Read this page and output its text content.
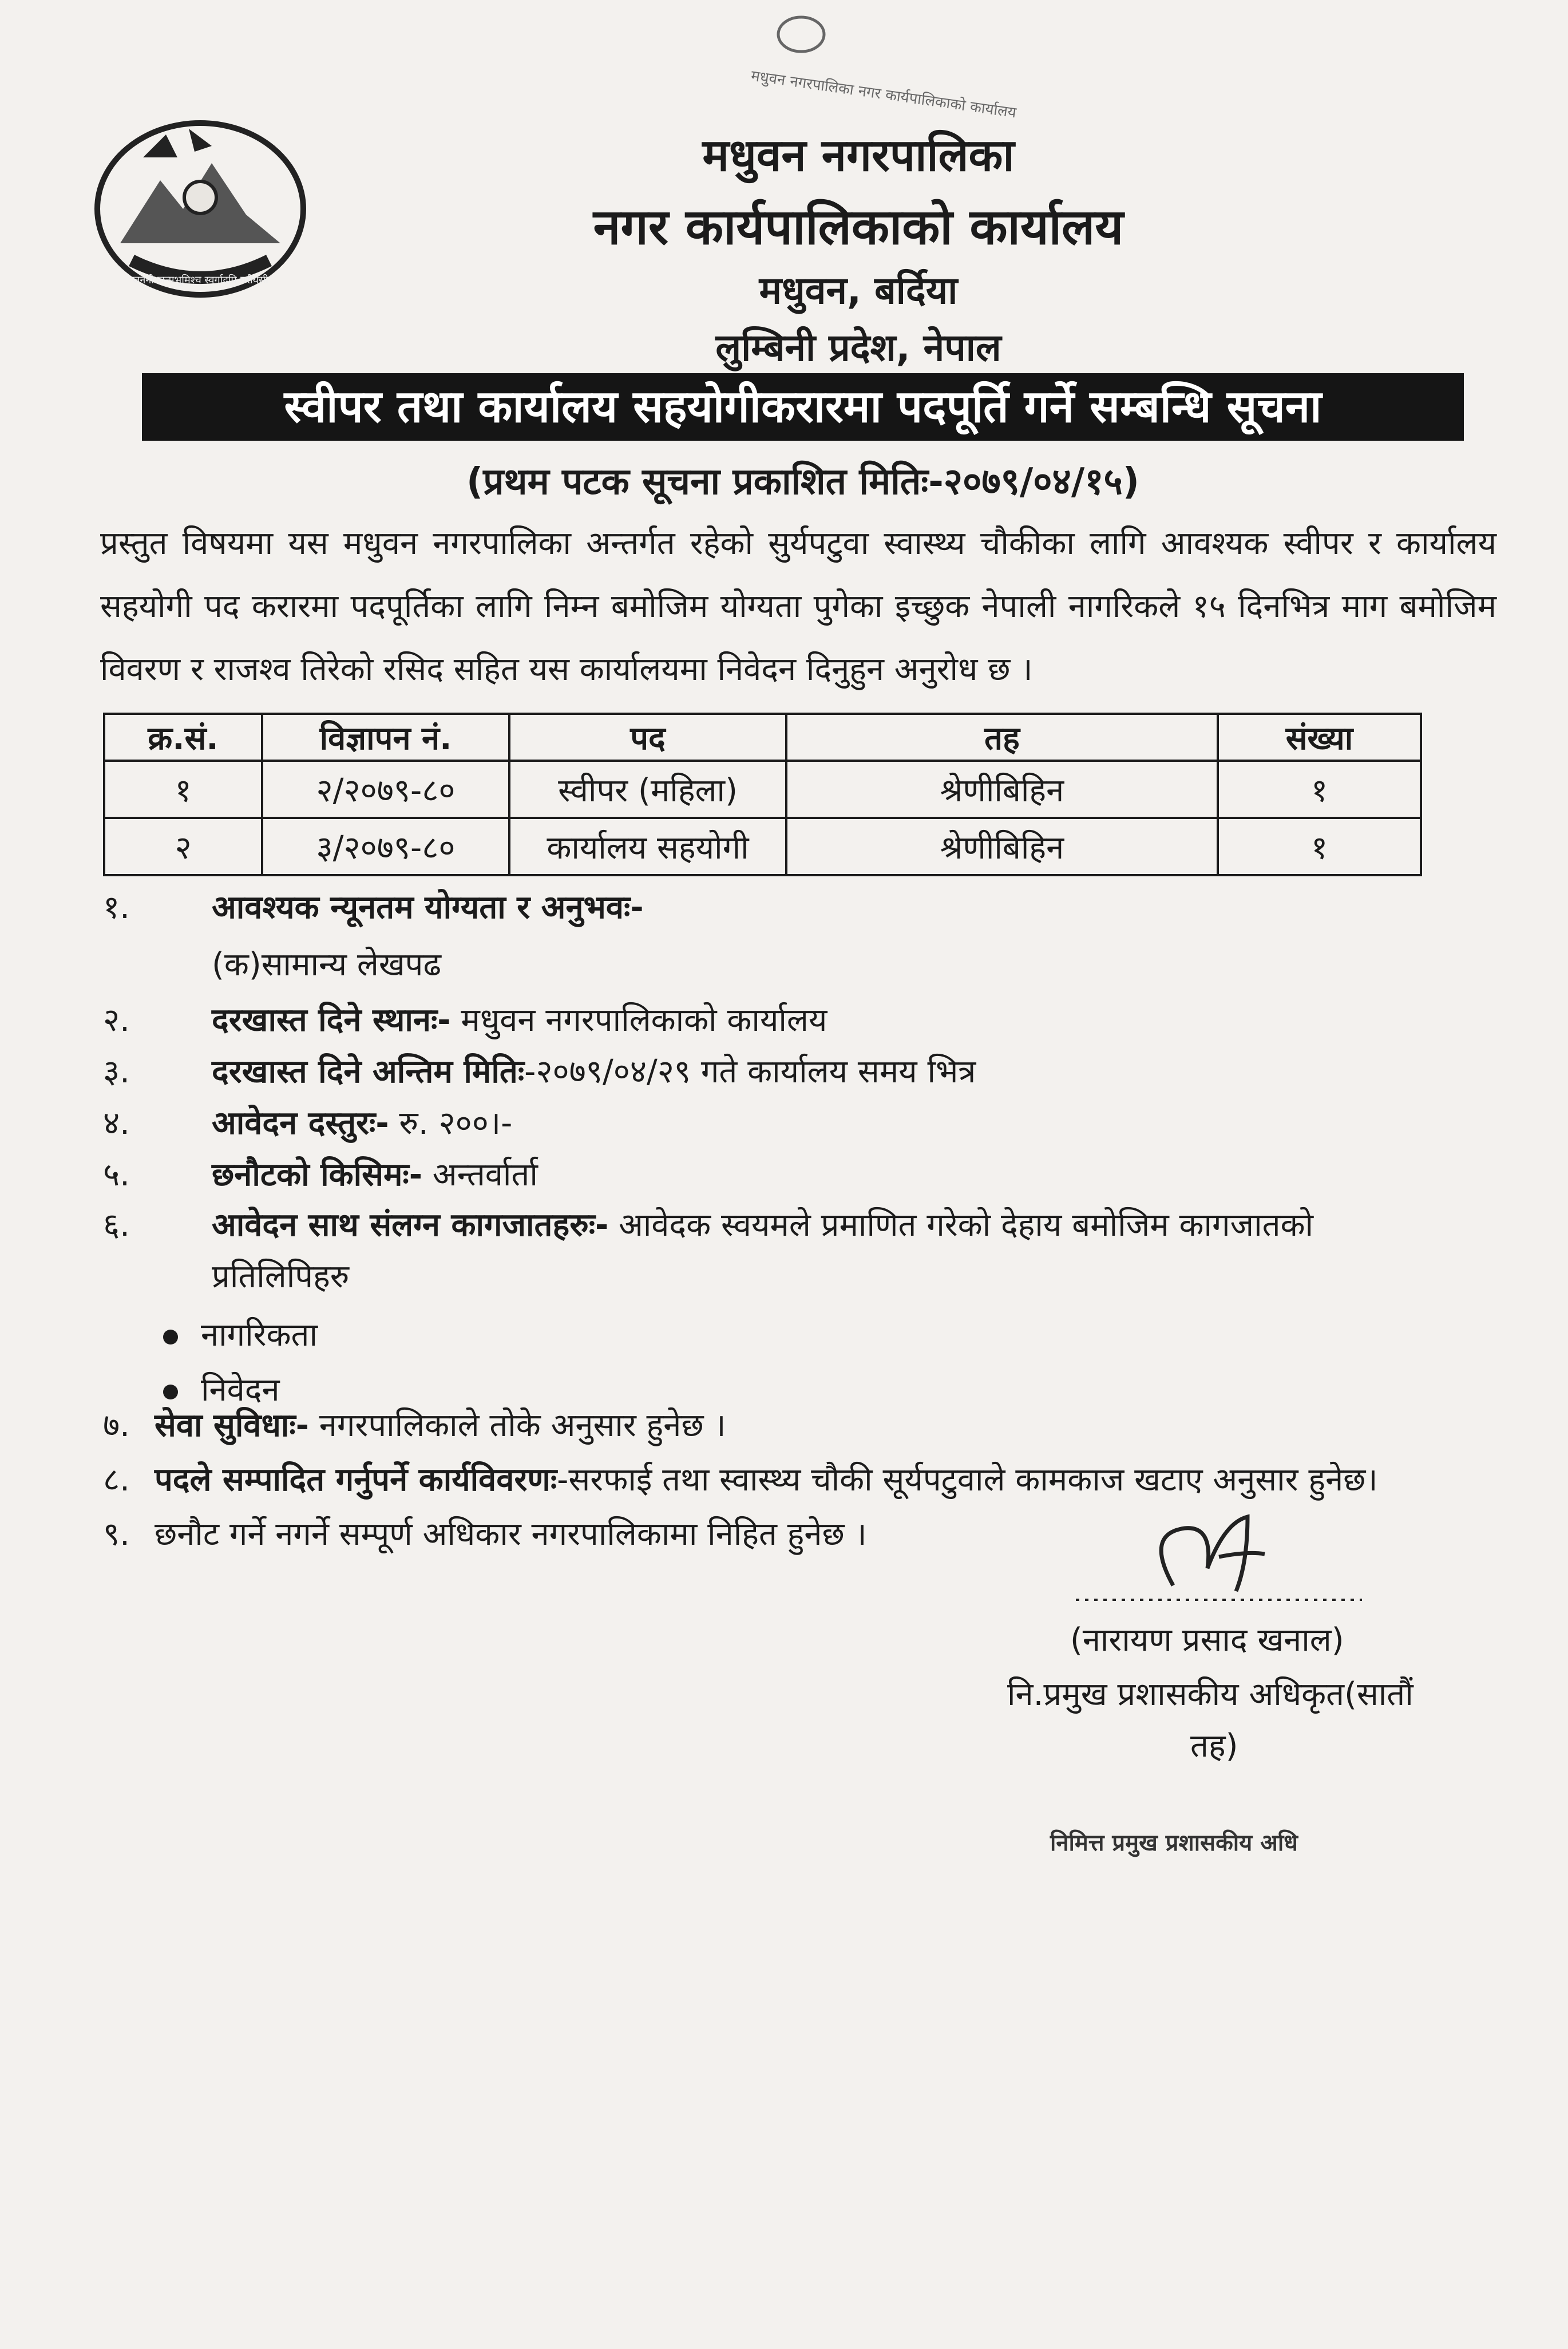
जननी जन्मभूमिश्च स्वर्गादपि गरीयसी
मधुवन नगरपालिका नगर कार्यपालिकाको कार्यालय
मधुवन नगरपालिका
नगर कार्यपालिकाको कार्यालय
मधुवन, बर्दिया
लुम्बिनी प्रदेश, नेपाल
स्वीपर तथा कार्यालय सहयोगीकरारमा पदपूर्ति गर्ने सम्बन्धि सूचना
(प्रथम पटक सूचना प्रकाशित मितिः-२०७९/०४/१५)
प्रस्तुत विषयमा यस मधुवन नगरपालिका अन्तर्गत रहेको सुर्यपटुवा स्वास्थ्य चौकीका लागि आवश्यक स्वीपर र कार्यालय सहयोगी पद करारमा पदपूर्तिका लागि निम्न बमोजिम योग्यता पुगेका इच्छुक नेपाली नागरिकले १५ दिनभित्र माग बमोजिम विवरण र राजश्व तिरेको रसिद सहित यस कार्यालयमा निवेदन दिनुहुन अनुरोध छ ।
क्र.सं.	विज्ञापन नं.	पद	तह	संख्या
१	२/२०७९-८०	स्वीपर (महिला)	श्रेणीबिहिन	१
२	३/२०७९-८०	कार्यालय सहयोगी	श्रेणीबिहिन	१
१.	आवश्यक न्यूनतम योग्यता र अनुभवः-
(क)सामान्य लेखपढ
२.	दरखास्त दिने स्थानः- मधुवन नगरपालिकाको कार्यालय
३.	दरखास्त दिने अन्तिम मितिः-२०७९/०४/२९ गते कार्यालय समय भित्र
४.	आवेदन दस्तुरः- रु. २००।-
५.	छनौटको किसिमः- अन्तर्वार्ता
६.	आवेदन साथ संलग्न कागजातहरुः- आवेदक स्वयमले प्रमाणित गरेको देहाय बमोजिम कागजातको
प्रतिलिपिहरु
नागरिकता
निवेदन
७. सेवा सुविधाः- नगरपालिकाले तोके अनुसार हुनेछ ।
८. पदले सम्पादित गर्नुपर्ने कार्यविवरणः-सरफाई तथा स्वास्थ्य चौकी सूर्यपटुवाले कामकाज खटाए अनुसार हुनेछ।
९. छनौट गर्ने नगर्ने सम्पूर्ण अधिकार नगरपालिकामा निहित हुनेछ ।
(नारायण प्रसाद खनाल)
नि.प्रमुख प्रशासकीय अधिकृत(सातौं
तह)
निमित्त प्रमुख प्रशासकीय अधि
